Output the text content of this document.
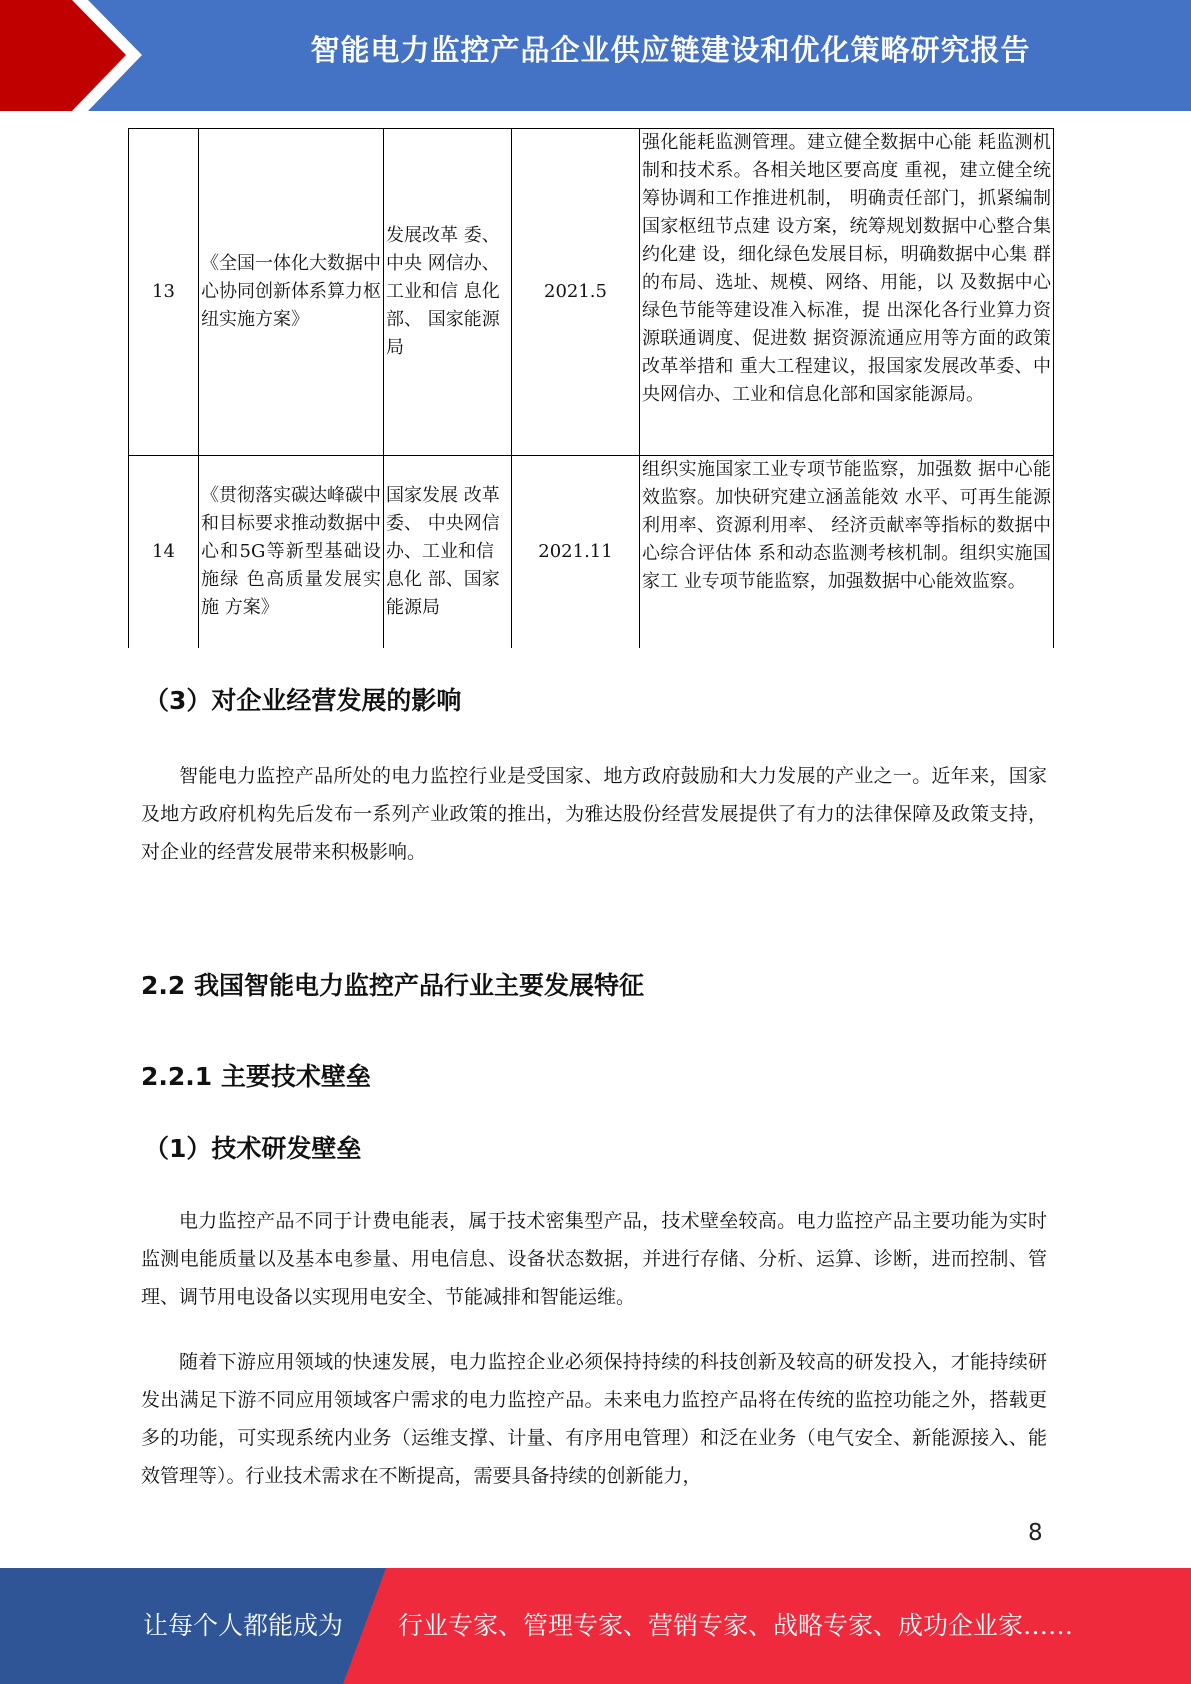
智能电力监控产品企业供应链建设和优化策略研究报告
13	《全国一体化大数据中心协同创新体系算力枢纽实施方案》	发展改革 委、中央 网信办、工业和信 息化部、 国家能源 局	2021.5	强化能耗监测管理。建立健全数据中心能 耗监测机制和技术系。各相关地区要高度 重视，建立健全统筹协调和工作推进机制， 明确责任部门，抓紧编制国家枢纽节点建 设方案，统筹规划数据中心整合集约化建 设，细化绿色发展目标，明确数据中心集 群的布局、选址、规模、网络、用能，以 及数据中心绿色节能等建设准入标准，提 出深化各行业算力资源联通调度、促进数 据资源流通应用等方面的政策改革举措和 重大工程建议，报国家发展改革委、中央网信办、工业和信息化部和国家能源局。
14	《贯彻落实碳达峰碳中和目标要求推动数据中心和5G等新型基础设施绿 色高质量发展实施 方案》	国家发展 改革委、 中央网信 办、工业和信息化 部、国家 能源局	2021.11	组织实施国家工业专项节能监察，加强数 据中心能效监察。加快研究建立涵盖能效 水平、可再生能源利用率、资源利用率、 经济贡献率等指标的数据中心综合评估体 系和动态监测考核机制。组织实施国家工 业专项节能监察，加强数据中心能效监察。
（3）对企业经营发展的影响

智能电力监控产品所处的电力监控行业是受国家、地方政府鼓励和大力发展的产业之一。近年来，国家及地方政府机构先后发布一系列产业政策的推出，为雅达股份经营发展提供了有力的法律保障及政策支持，对企业的经营发展带来积极影响。

2.2 我国智能电力监控产品行业主要发展特征
2.2.1 主要技术壁垒
（1）技术研发壁垒

电力监控产品不同于计费电能表，属于技术密集型产品，技术壁垒较高。电力监控产品主要功能为实时监测电能质量以及基本电参量、用电信息、设备状态数据，并进行存储、分析、运算、诊断，进而控制、管理、调节用电设备以实现用电安全、节能减排和智能运维。

随着下游应用领域的快速发展，电力监控企业必须保持持续的科技创新及较高的研发投入，才能持续研发出满足下游不同应用领域客户需求的电力监控产品。未来电力监控产品将在传统的监控功能之外，搭载更多的功能，可实现系统内业务（运维支撑、计量、有序用电管理）和泛在业务（电气安全、新能源接入、能效管理等）。行业技术需求在不断提高，需要具备持续的创新能力，

8
让每个人都能成为 行业专家、管理专家、营销专家、战略专家、成功企业家……
